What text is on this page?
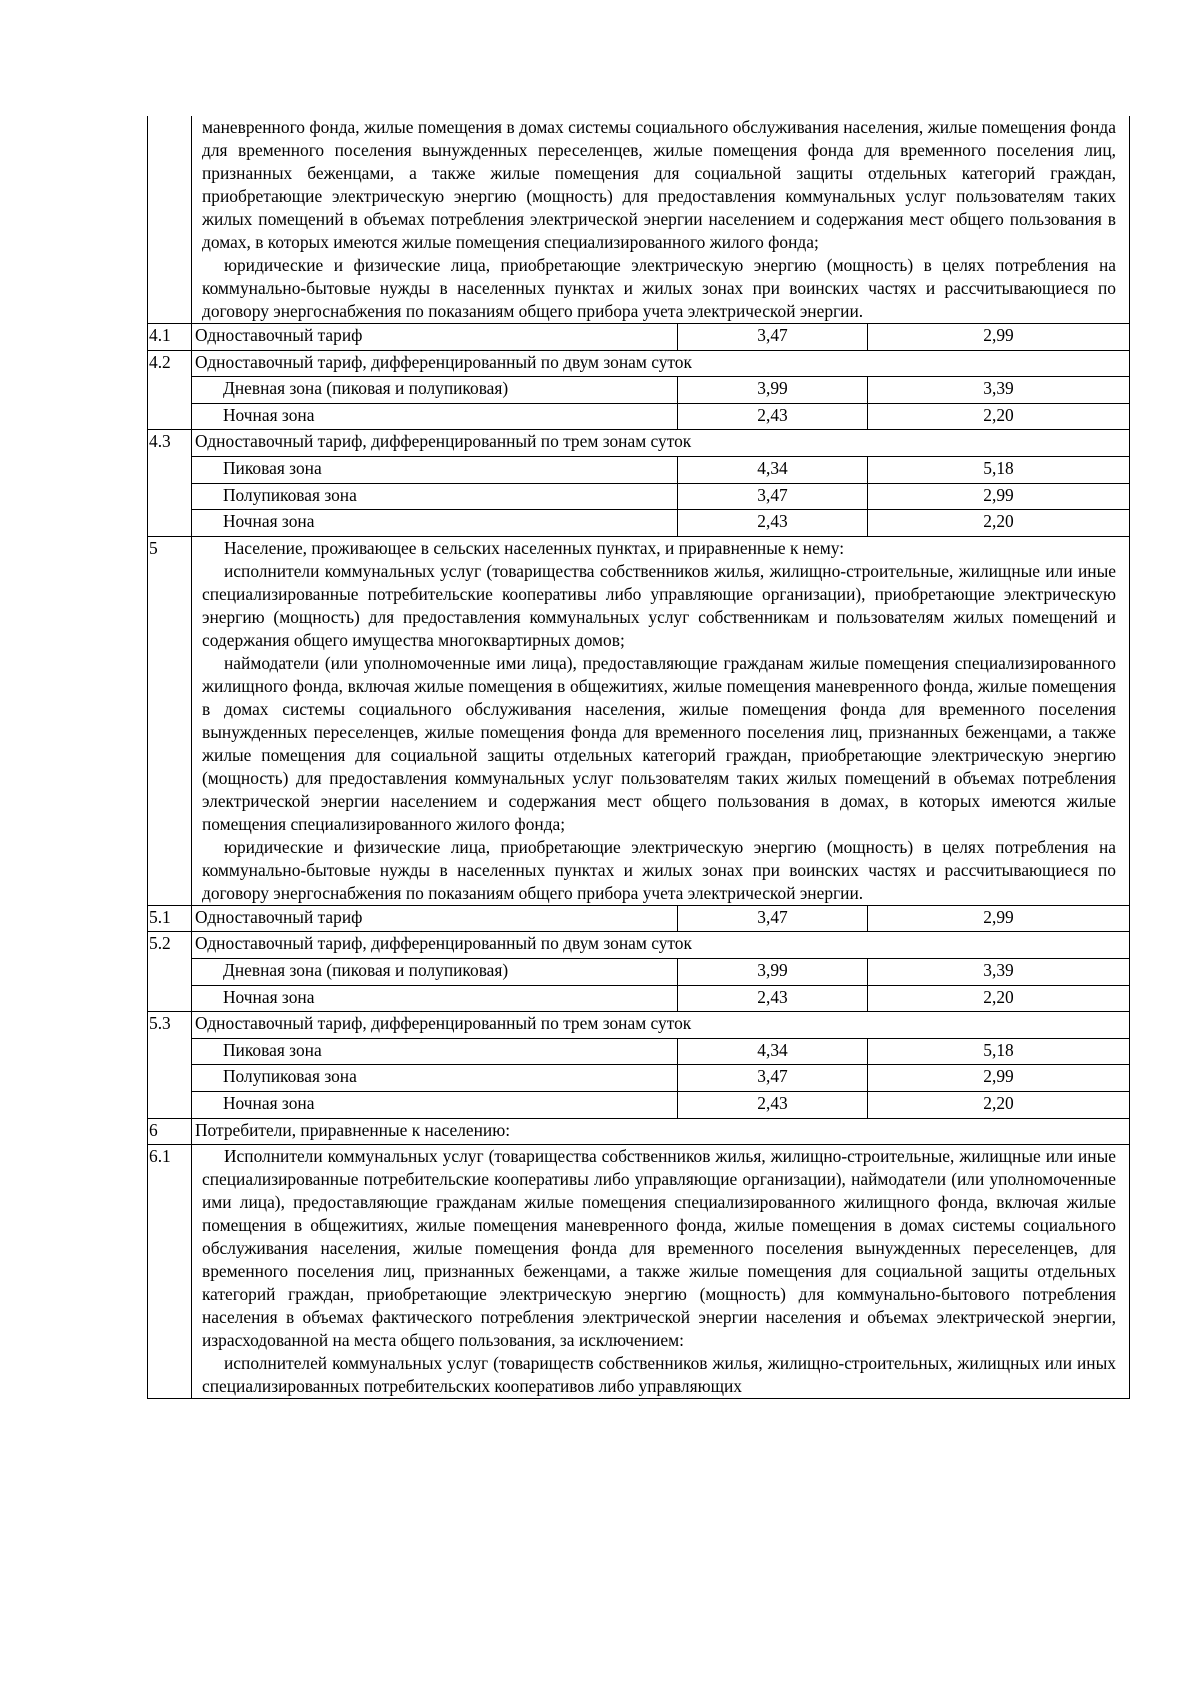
	маневренного фонда, жилые помещения в домах системы социального обслуживания населения, жилые помещения фонда для временного поселения вынужденных переселенцев, жилые помещения фонда для временного поселения лиц, признанных беженцами, а также жилые помещения для социальной защиты отдельных категорий граждан, приобретающие электрическую энергию (мощность) для предоставления коммунальных услуг пользователям таких жилых помещений в объемах потребления электрической энергии населением и содержания мест общего пользования в домах, в которых имеются жилые помещения специализированного жилого фонда;

юридические и физические лица, приобретающие электрическую энергию (мощность) в целях потребления на коммунально-бытовые нужды в населенных пунктах и жилых зонах при воинских частях и рассчитывающиеся по договору энергоснабжения по показаниям общего прибора учета электрической энергии.		

4.1	Одноставочный тариф	3,47	2,99
4.2	Одноставочный тариф, дифференцированный по двум зонам суток		
	Дневная зона (пиковая и полупиковая)	3,99	3,39
	Ночная зона	2,43	2,20
4.3	Одноставочный тариф, дифференцированный по трем зонам суток		
	Пиковая зона	4,34	5,18
	Полупиковая зона	3,47	2,99
	Ночная зона	2,43	2,20
5	Население, проживающее в сельских населенных пунктах, и приравненные к нему:

исполнители коммунальных услуг (товарищества собственников жилья, жилищно-строительные, жилищные или иные специализированные потребительские кооперативы либо управляющие организации), приобретающие электрическую энергию (мощность) для предоставления коммунальных услуг собственникам и пользователям жилых помещений и содержания общего имущества многоквартирных домов;

наймодатели (или уполномоченные ими лица), предоставляющие гражданам жилые помещения специализированного жилищного фонда, включая жилые помещения в общежитиях, жилые помещения маневренного фонда, жилые помещения в домах системы социального обслуживания населения, жилые помещения фонда для временного поселения вынужденных переселенцев, жилые помещения фонда для временного поселения лиц, признанных беженцами, а также жилые помещения для социальной защиты отдельных категорий граждан, приобретающие электрическую энергию (мощность) для предоставления коммунальных услуг пользователям таких жилых помещений в объемах потребления электрической энергии населением и содержания мест общего пользования в домах, в которых имеются жилые помещения специализированного жилого фонда;

юридические и физические лица, приобретающие электрическую энергию (мощность) в целях потребления на коммунально-бытовые нужды в населенных пунктах и жилых зонах при воинских частях и рассчитывающиеся по договору энергоснабжения по показаниям общего прибора учета электрической энергии.		

5.1	Одноставочный тариф	3,47	2,99
5.2	Одноставочный тариф, дифференцированный по двум зонам суток		
	Дневная зона (пиковая и полупиковая)	3,99	3,39
	Ночная зона	2,43	2,20
5.3	Одноставочный тариф, дифференцированный по трем зонам суток		
	Пиковая зона	4,34	5,18
	Полупиковая зона	3,47	2,99
	Ночная зона	2,43	2,20
6	Потребители, приравненные к населению:		
6.1	Исполнители коммунальных услуг (товарищества собственников жилья, жилищно-строительные, жилищные или иные специализированные потребительские кооперативы либо управляющие организации), наймодатели (или уполномоченные ими лица), предоставляющие гражданам жилые помещения специализированного жилищного фонда, включая жилые помещения в общежитиях, жилые помещения маневренного фонда, жилые помещения в домах системы социального обслуживания населения, жилые помещения фонда для временного поселения вынужденных переселенцев, для временного поселения лиц, признанных беженцами, а также жилые помещения для социальной защиты отдельных категорий граждан, приобретающие электрическую энергию (мощность) для коммунально-бытового потребления населения в объемах фактического потребления электрической энергии населения и объемах электрической энергии, израсходованной на места общего пользования, за исключением:

исполнителей коммунальных услуг (товариществ собственников жилья, жилищно-строительных, жилищных или иных специализированных потребительских кооперативов либо управляющих		
